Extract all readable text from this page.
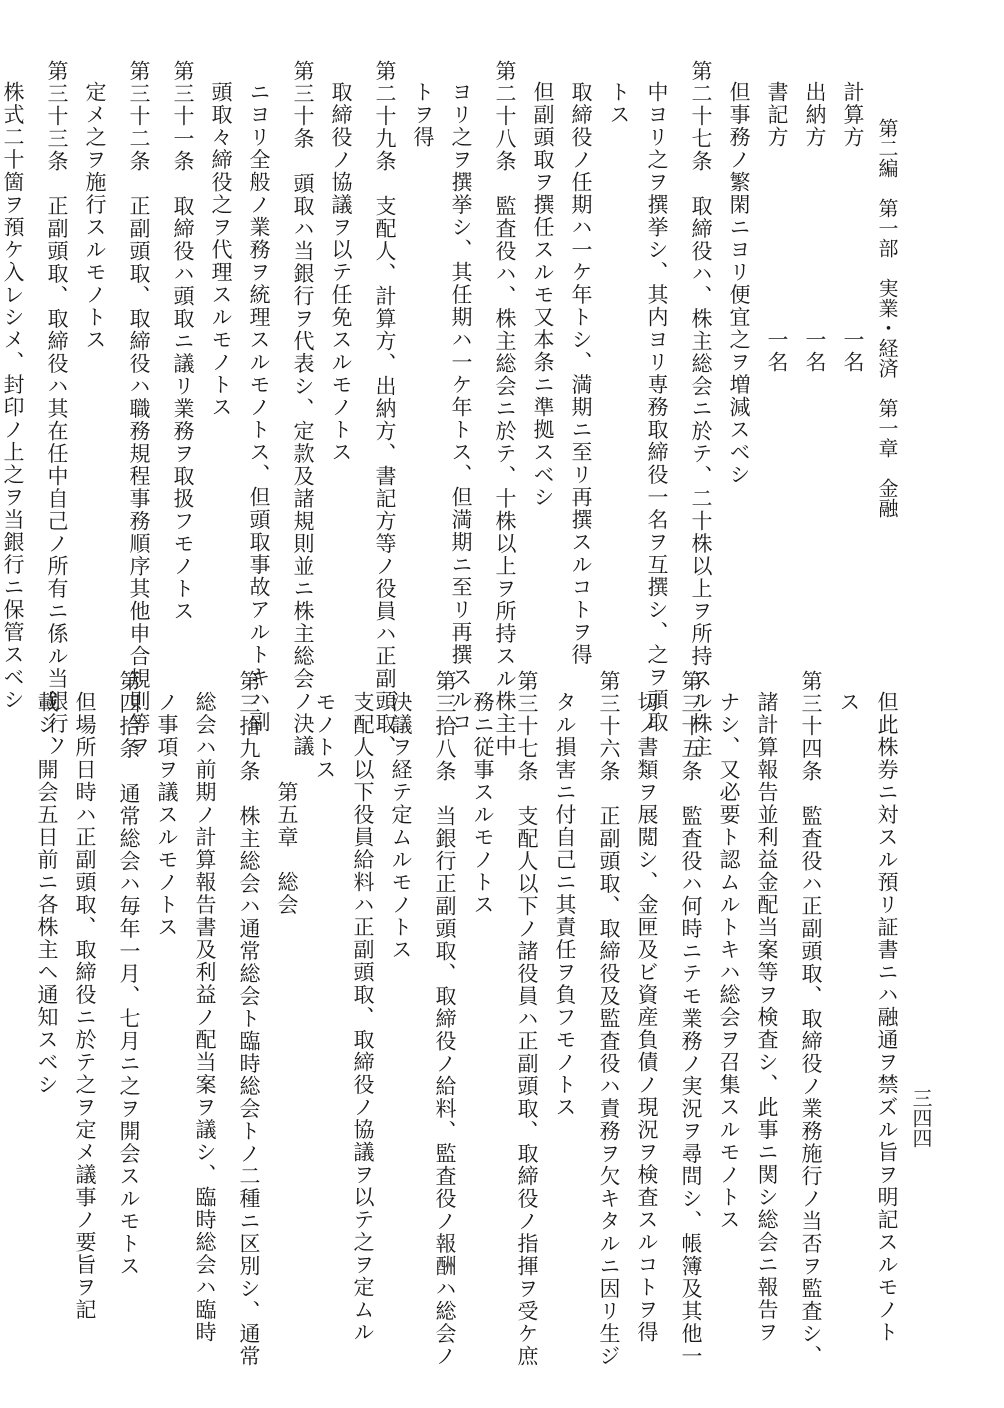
第二編　第一部　実業・経済　第一章　金融
三四四
計算方　　　　　　　　一名
出納方　　　　　　　　一名
書記方　　　　　　　　一名
但事務ノ繁閑ニヨリ便宜之ヲ増減スベシ
第二十七条　取締役ハ、株主総会ニ於テ、二十株以上ヲ所持スル株主
中ヨリ之ヲ撰挙シ、其内ヨリ専務取締役一名ヲ互撰シ、之ヲ頭取
トス
取締役ノ任期ハ一ケ年トシ、満期ニ至リ再撰スルコトヲ得
但副頭取ヲ撰任スルモ又本条ニ準拠スベシ
第二十八条　監査役ハ、株主総会ニ於テ、十株以上ヲ所持スル株主中
ヨリ之ヲ撰挙シ、其任期ハ一ケ年トス、但満期ニ至リ再撰スルコ
トヲ得
第二十九条　支配人、計算方、出納方、書記方等ノ役員ハ正副頭取、
取締役ノ協議ヲ以テ任免スルモノトス
第三十条　頭取ハ当銀行ヲ代表シ、定款及諸規則並ニ株主総会ノ決議
ニヨリ全般ノ業務ヲ統理スルモノトス、但頭取事故アルトキハ副
頭取々締役之ヲ代理スルモノトス
第三十一条　取締役ハ頭取ニ議リ業務ヲ取扱フモノトス
第三十二条　正副頭取、取締役ハ職務規程事務順序其他申合規則等ヲ
定メ之ヲ施行スルモノトス
第三十三条　正副頭取、取締役ハ其在任中自己ノ所有ニ係ル当銀行ノ
株式二十箇ヲ預ケ入レシメ、封印ノ上之ヲ当銀行ニ保管スベシ
但此株券ニ対スル預リ証書ニハ融通ヲ禁ズル旨ヲ明記スルモノト
ス
第三十四条　監査役ハ正副頭取、取締役ノ業務施行ノ当否ヲ監査シ、
諸計算報告並利益金配当案等ヲ検査シ、此事ニ関シ総会ニ報告ヲ
ナシ、又必要ト認ムルトキハ総会ヲ召集スルモノトス
第三十五条　監査役ハ何時ニテモ業務ノ実況ヲ尋問シ、帳簿及其他一
切ノ書類ヲ展閲シ、金匣及ビ資産負債ノ現況ヲ検査スルコトヲ得
第三十六条　正副頭取、取締役及監査役ハ責務ヲ欠キタルニ因リ生ジ
タル損害ニ付自己ニ其責任ヲ負フモノトス
第三十七条　支配人以下ノ諸役員ハ正副頭取、取締役ノ指揮ヲ受ケ庶
務ニ従事スルモノトス
第三拾八条　当銀行正副頭取、取締役ノ給料、監査役ノ報酬ハ総会ノ
決議ヲ経テ定ムルモノトス
支配人以下役員給料ハ正副頭取、取締役ノ協議ヲ以テ之ヲ定ムル
モノトス
　　　　第五章　総会
第三拾九条　株主総会ハ通常総会ト臨時総会トノ二種ニ区別シ、通常
総会ハ前期ノ計算報告書及利益ノ配当案ヲ議シ、臨時総会ハ臨時
ノ事項ヲ議スルモノトス
第四拾条　通常総会ハ毎年一月、七月ニ之ヲ開会スルモトス
但場所日時ハ正副頭取、取締役ニ於テ之ヲ定メ議事ノ要旨ヲ記
載シ、開会五日前ニ各株主ヘ通知スベシ
